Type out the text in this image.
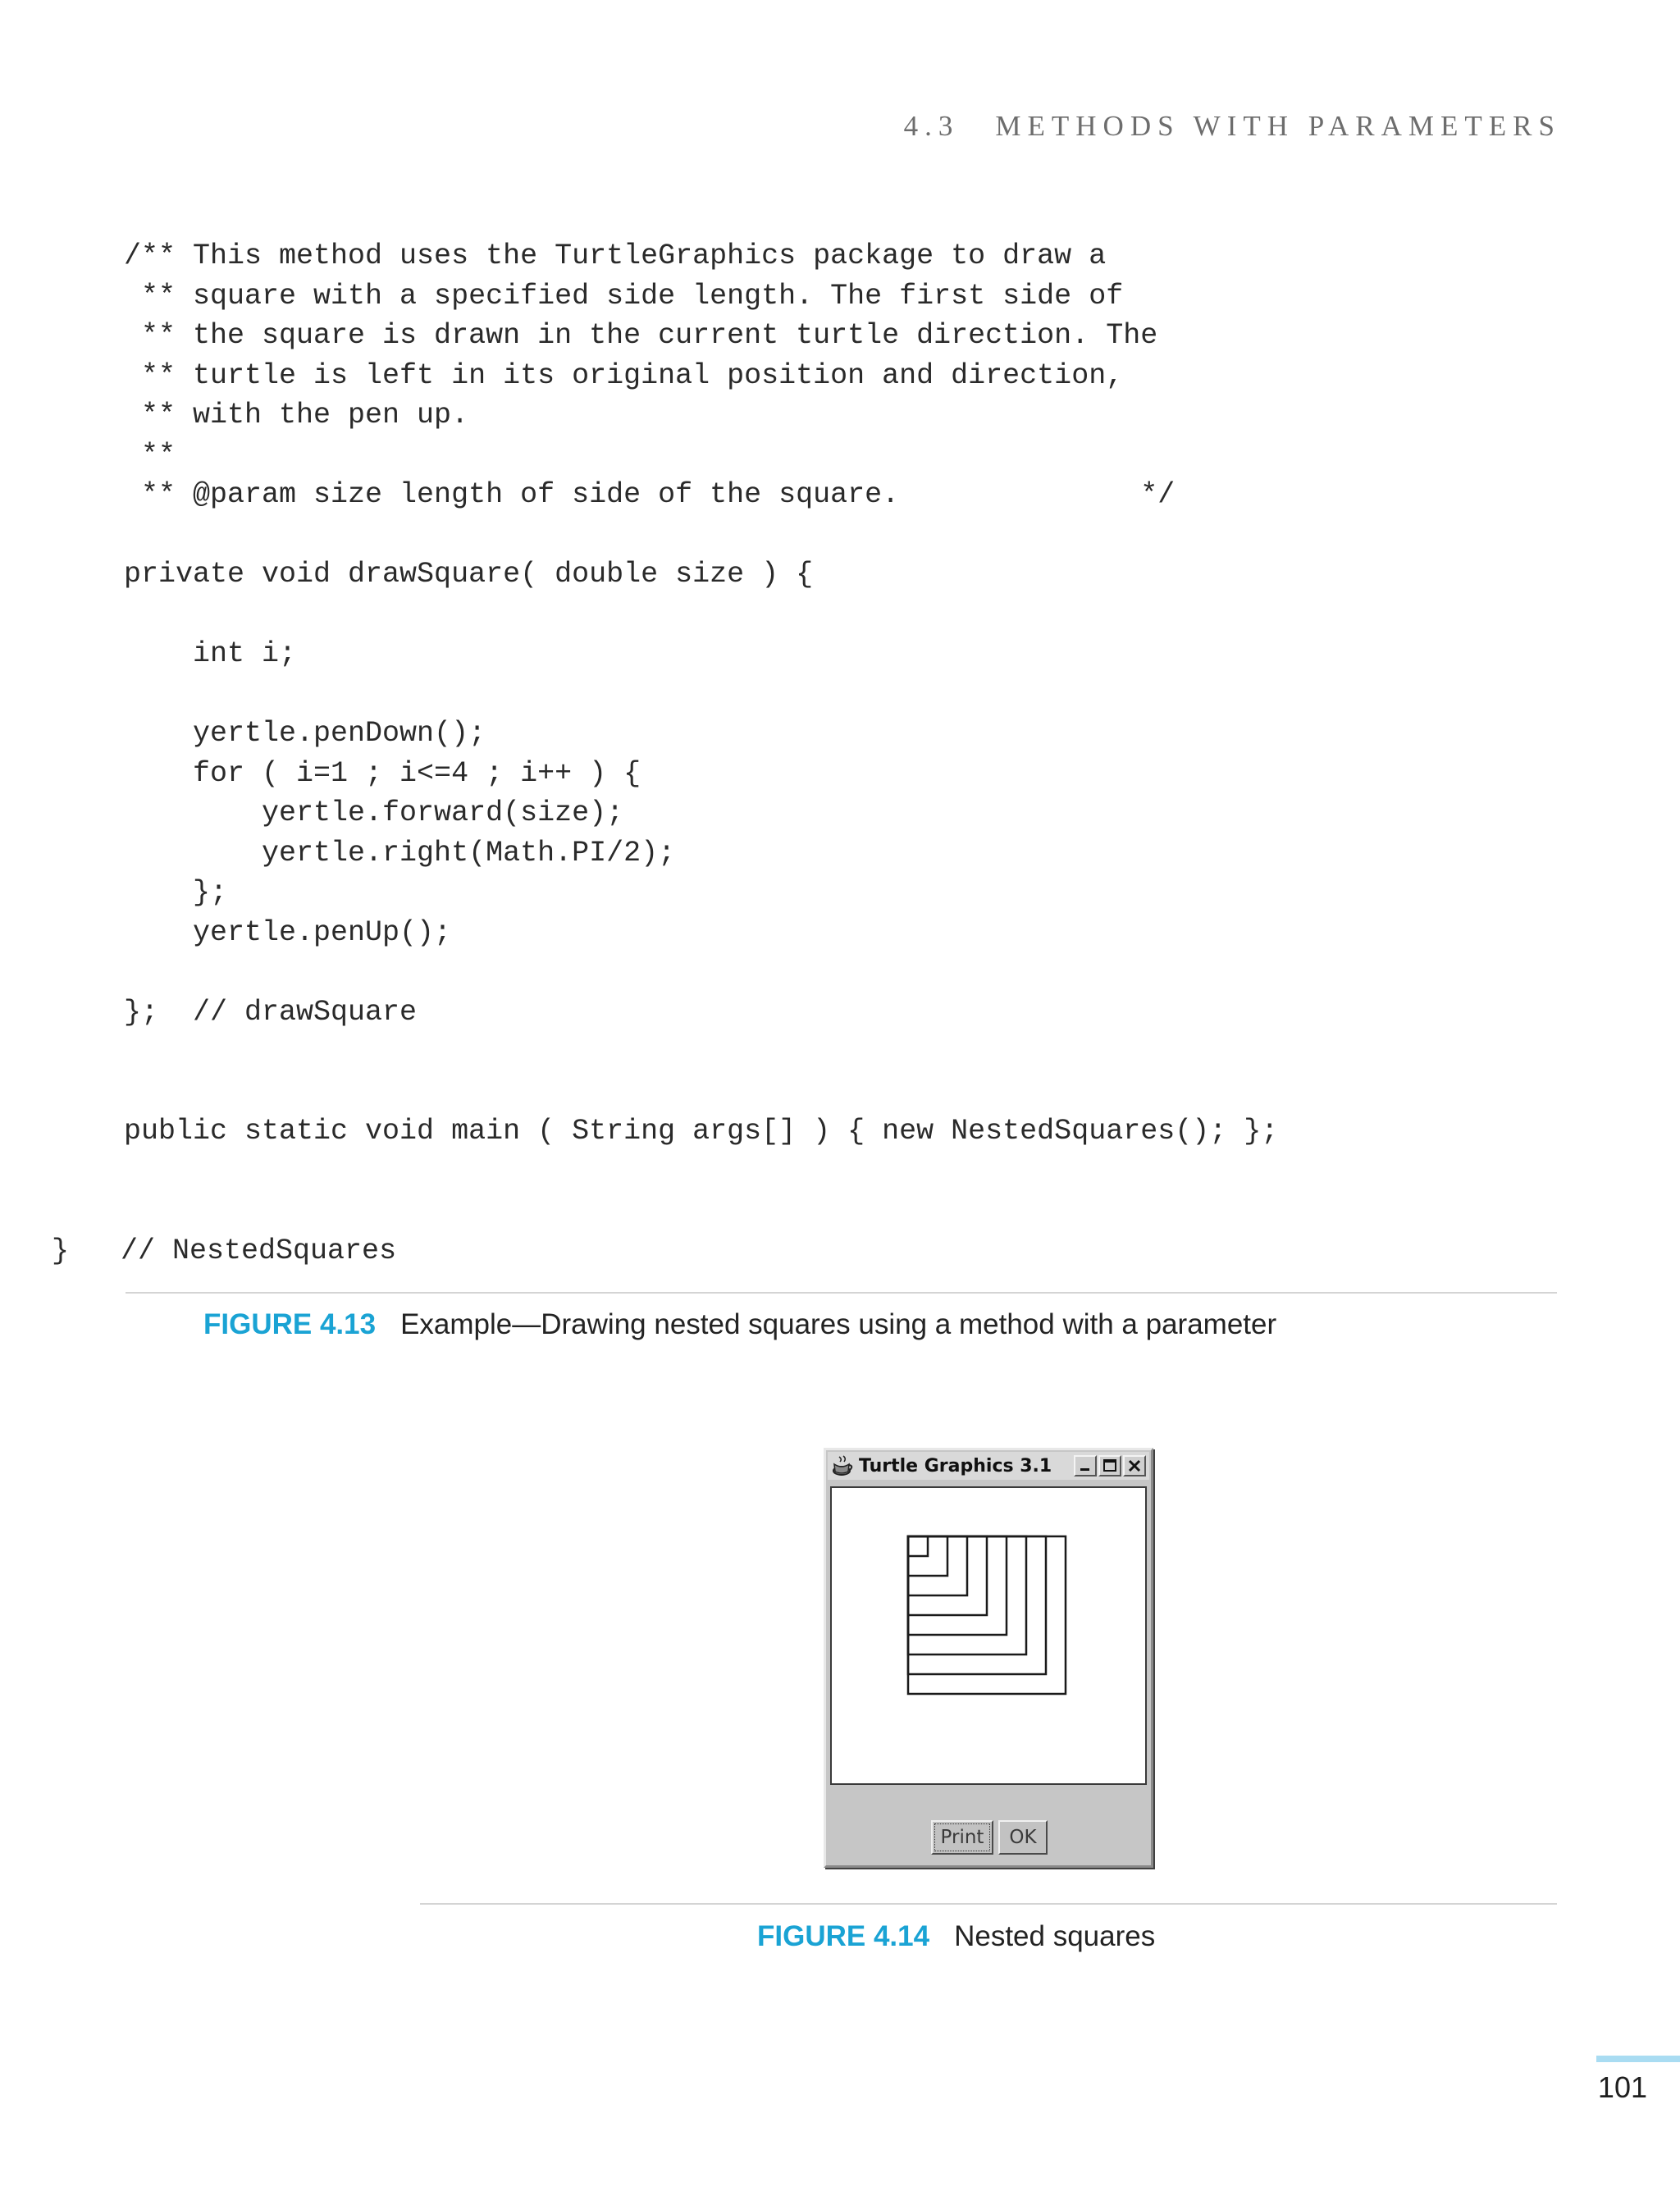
4.3 METHODS WITH PARAMETERS
/** This method uses the TurtleGraphics package to draw a
** square with a specified side length. The first side of
** the square is drawn in the current turtle direction. The
** turtle is left in its original position and direction,
** with the pen up.
**
** @param size length of side of the square.              */
private void drawSquare( double size ) {
int i;
yertle.penDown();
for ( i=1 ; i<=4 ; i++ ) {
yertle.forward(size);
yertle.right(Math.PI/2);
};
yertle.penUp();
};  // drawSquare
public static void main ( String args[] ) { new NestedSquares(); };
}   // NestedSquares
FIGURE 4.13 Example—Drawing nested squares using a method with a parameter
Turtle Graphics 3.1
Print	OK
FIGURE 4.14 Nested squares
101
